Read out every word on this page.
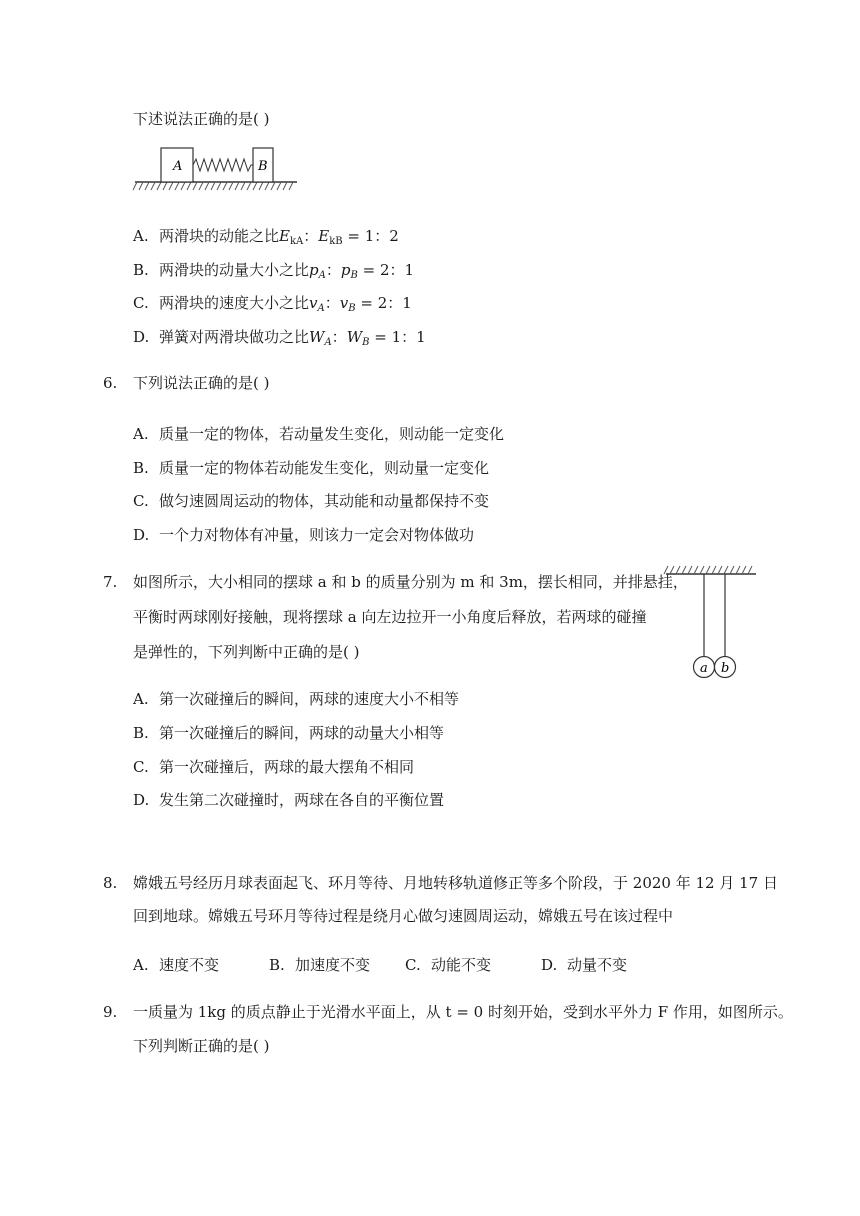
下述说法正确的是( )
A	B
A. 两滑块的动能之比$E_{kA}$：$E_{kB} = 1$：2
B. 两滑块的动量大小之比$p_A$：$p_B = 2$：1
C. 两滑块的速度大小之比$v_A$：$v_B = 2$：1
D. 弹簧对两滑块做功之比$W_A$：$W_B = 1$：1
6. 下列说法正确的是( )
A. 质量一定的物体，若动量发生变化，则动能一定变化
B. 质量一定的物体若动能发生变化，则动量一定变化
C. 做匀速圆周运动的物体，其动能和动量都保持不变
D. 一个力对物体有冲量，则该力一定会对物体做功
7. 如图所示，大小相同的摆球 a 和 b 的质量分别为 m 和 3m，摆长相同，并排悬挂，
平衡时两球刚好接触，现将摆球 a 向左边拉开一小角度后释放，若两球的碰撞
是弹性的，下列判断中正确的是( )
a b
A. 第一次碰撞后的瞬间，两球的速度大小不相等
B. 第一次碰撞后的瞬间，两球的动量大小相等
C. 第一次碰撞后，两球的最大摆角不相同
D. 发生第二次碰撞时，两球在各自的平衡位置
8. 嫦娥五号经历月球表面起飞、环月等待、月地转移轨道修正等多个阶段，于 2020 年 12 月 17 日
回到地球。嫦娥五号环月等待过程是绕月心做匀速圆周运动，嫦娥五号在该过程中
A. 速度不变	B. 加速度不变 C. 动能不变	D. 动量不变
9. 一质量为 1kg 的质点静止于光滑水平面上，从 t = 0 时刻开始，受到水平外力 F 作用，如图所示。
下列判断正确的是( )
